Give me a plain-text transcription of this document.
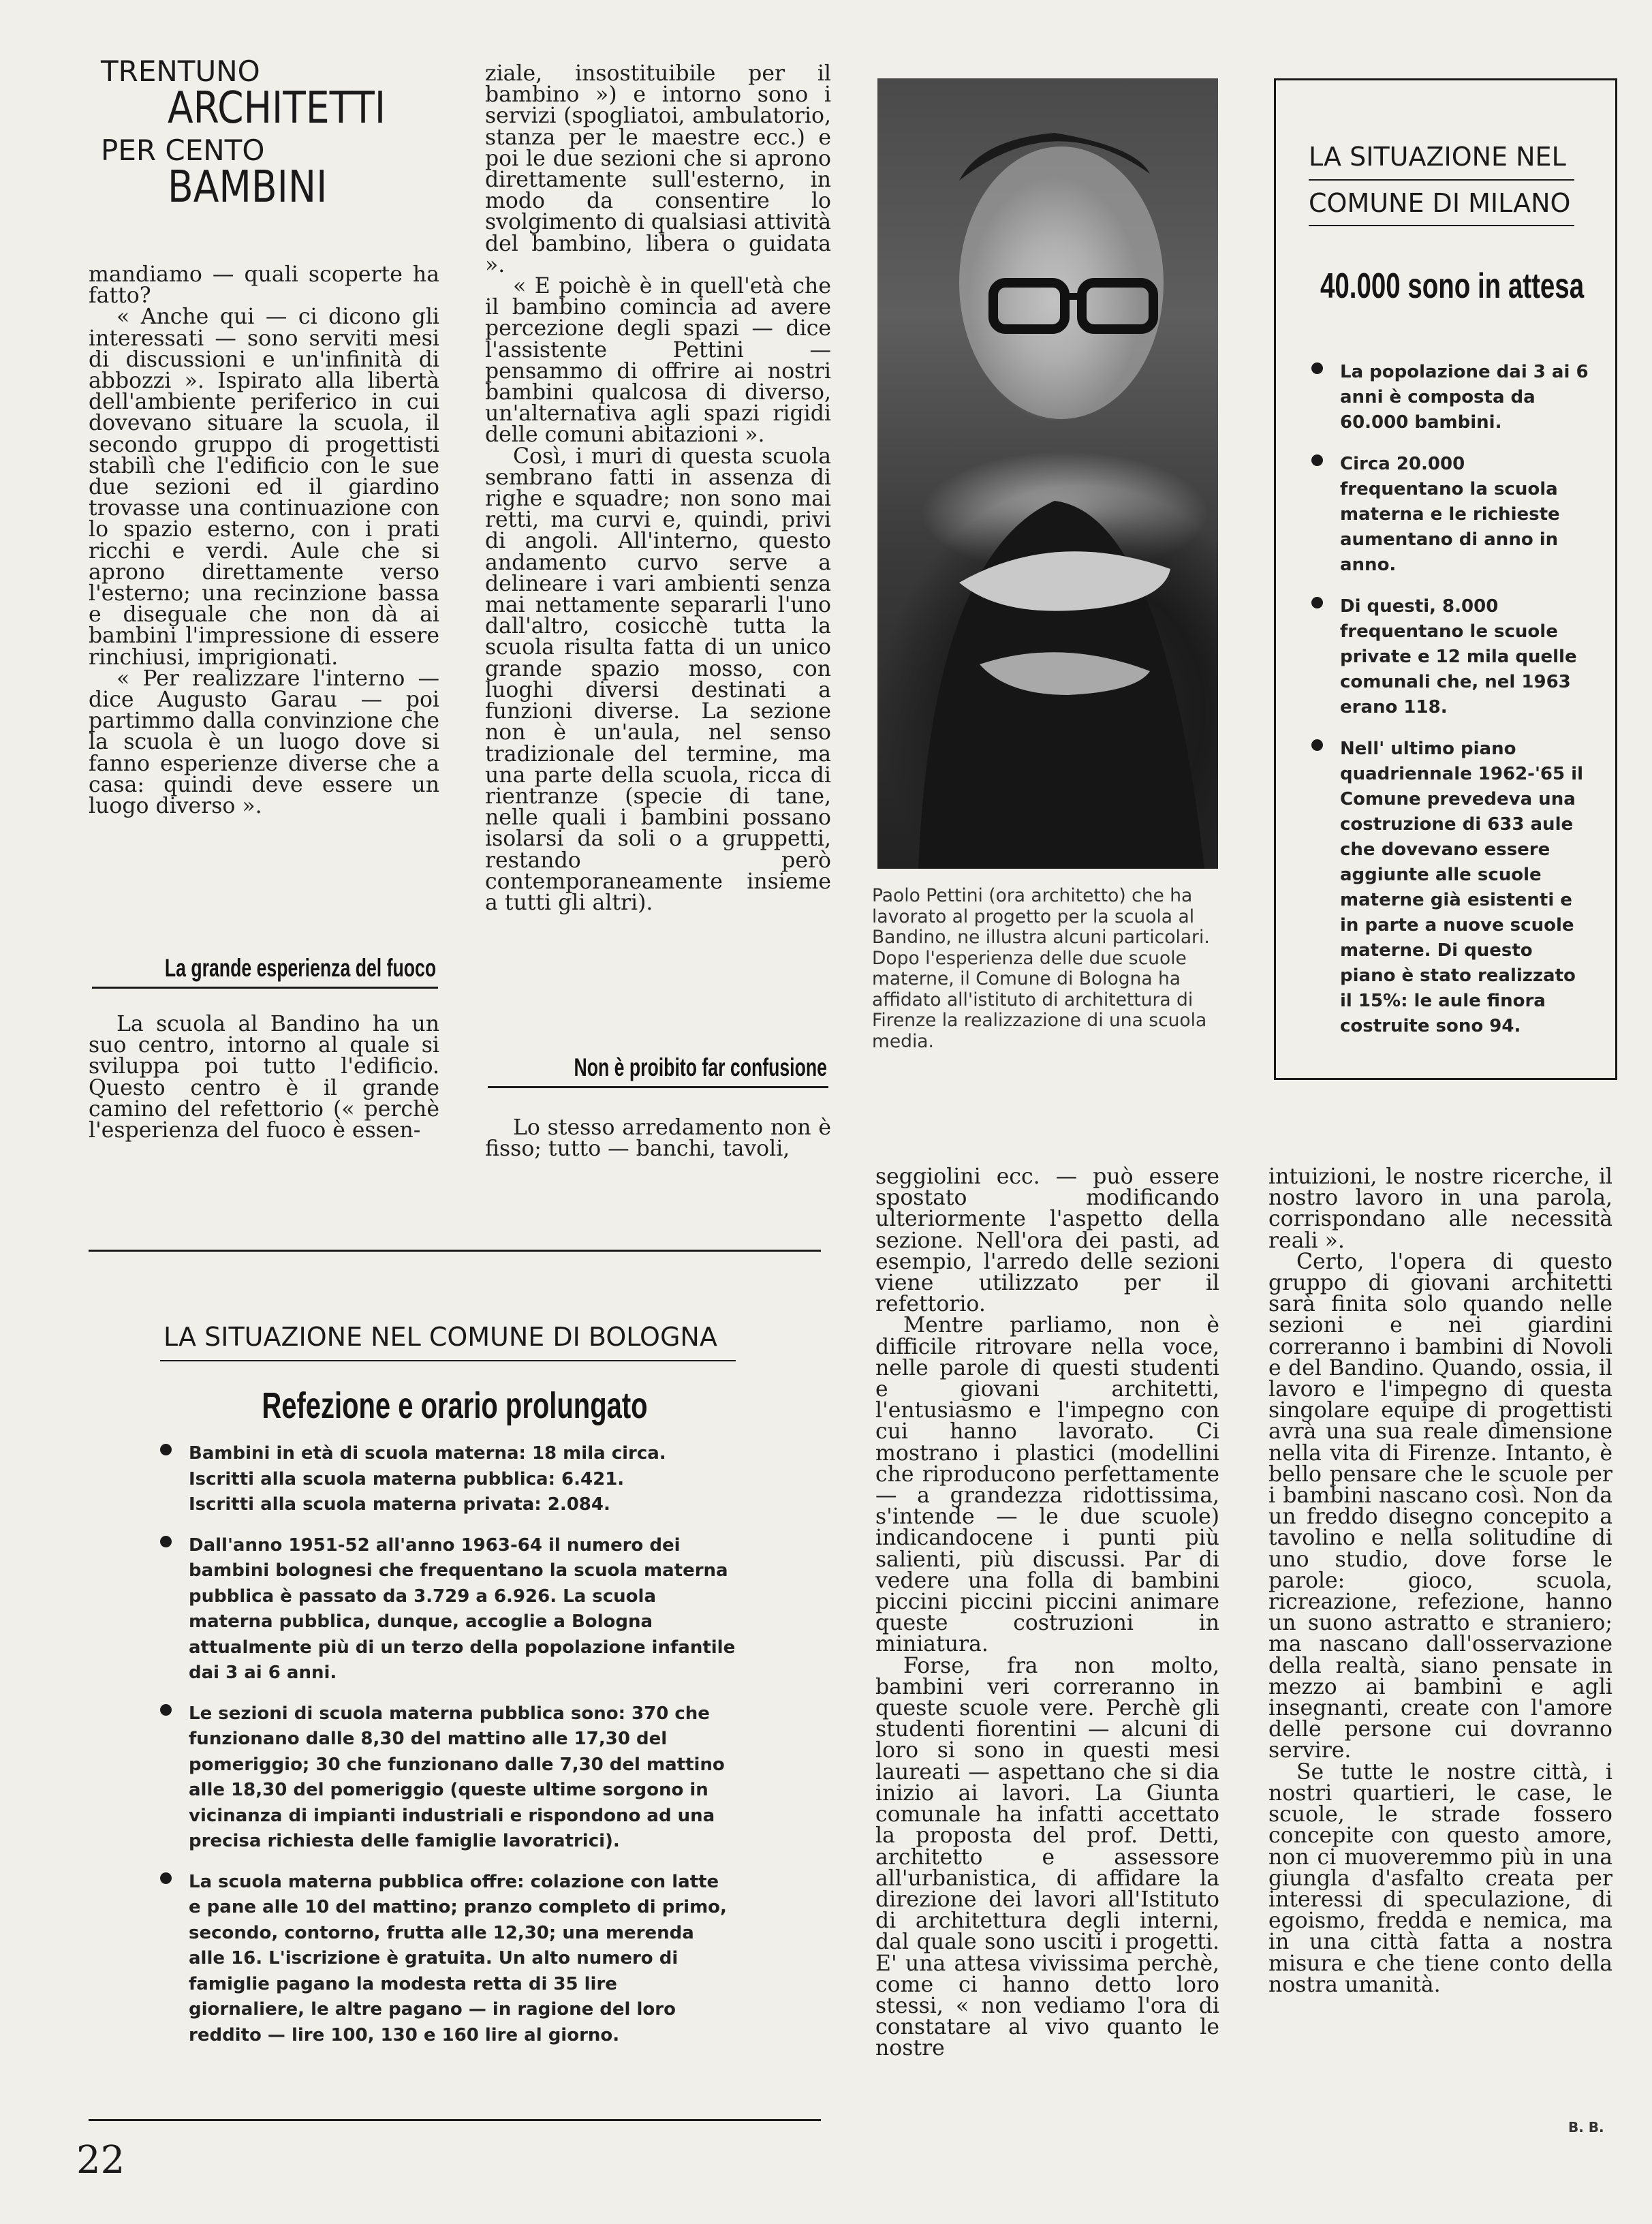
TRENTUNO
ARCHITETTI
PER CENTO
BAMBINI

mandiamo — quali scoperte ha fatto?

« Anche qui — ci dicono gli interessati — sono serviti mesi di discussioni e un'infinità di abbozzi ». Ispirato alla libertà dell'ambiente periferico in cui dovevano situare la scuola, il secondo gruppo di progettisti stabilì che l'edificio con le sue due sezioni ed il giardino trovasse una continuazione con lo spazio esterno, con i prati ricchi e verdi. Aule che si aprono direttamente verso l'esterno; una recinzione bassa e diseguale che non dà ai bambini l'impressione di essere rinchiusi, imprigionati.

« Per realizzare l'interno — dice Augusto Garau — poi partimmo dalla convinzione che la scuola è un luogo dove si fanno esperienze diverse che a casa: quindi deve essere un luogo diverso ».

La grande esperienza del fuoco

La scuola al Bandino ha un suo centro, intorno al quale si sviluppa poi tutto l'edificio. Questo centro è il grande camino del refettorio (« perchè l'esperienza del fuoco è essen-

ziale, insostituibile per il bambino ») e intorno sono i servizi (spogliatoi, ambulatorio, stanza per le maestre ecc.) e poi le due sezioni che si aprono direttamente sull'esterno, in modo da consentire lo svolgimento di qualsiasi attività del bambino, libera o guidata ».

« E poichè è in quell'età che il bambino comincia ad avere percezione degli spazi — dice l'assistente Pettini — pensammo di offrire ai nostri bambini qualcosa di diverso, un'alternativa agli spazi rigidi delle comuni abitazioni ».

Così, i muri di questa scuola sembrano fatti in assenza di righe e squadre; non sono mai retti, ma curvi e, quindi, privi di angoli. All'interno, questo andamento curvo serve a delineare i vari ambienti senza mai nettamente separarli l'uno dall'altro, cosicchè tutta la scuola risulta fatta di un unico grande spazio mosso, con luoghi diversi destinati a funzioni diverse. La sezione non è un'aula, nel senso tradizionale del termine, ma una parte della scuola, ricca di rientranze (specie di tane, nelle quali i bambini possano isolarsi da soli o a gruppetti, restando però contemporaneamente insieme a tutti gli altri).

Non è proibito far confusione

Lo stesso arredamento non è fisso; tutto — banchi, tavoli,

Paolo Pettini (ora architetto) che ha lavorato al progetto per la scuola al Bandino, ne illustra alcuni particolari. Dopo l'esperienza delle due scuole materne, il Comune di Bologna ha affidato all'istituto di architettura di Firenze la realizzazione di una scuola media.
LA SITUAZIONE NEL
COMUNE DI MILANO
40.000 sono in attesa
La popolazione dai 3 ai 6 anni è composta da 60.000 bambini.
Circa 20.000 frequentano la scuola materna e le richieste aumentano di anno in anno.
Di questi, 8.000 frequentano le scuole private e 12 mila quelle comunali che, nel 1963 erano 118.
Nell' ultimo piano quadriennale 1962-'65 il Comune prevedeva una costruzione di 633 aule che dovevano essere aggiunte alle scuole materne già esistenti e in parte a nuove scuole materne. Di questo piano è stato realizzato il 15%: le aule finora costruite sono 94.
LA SITUAZIONE NEL COMUNE DI BOLOGNA
Refezione e orario prolungato
Bambini in età di scuola materna: 18 mila circa.
Iscritti alla scuola materna pubblica: 6.421.
Iscritti alla scuola materna privata: 2.084.
Dall'anno 1951-52 all'anno 1963-64 il numero dei bambini bolognesi che frequentano la scuola materna pubblica è passato da 3.729 a 6.926. La scuola materna pubblica, dunque, accoglie a Bologna attualmente più di un terzo della popolazione infantile dai 3 ai 6 anni.
Le sezioni di scuola materna pubblica sono: 370 che funzionano dalle 8,30 del mattino alle 17,30 del pomeriggio; 30 che funzionano dalle 7,30 del mattino alle 18,30 del pomeriggio (queste ultime sorgono in vicinanza di impianti industriali e rispondono ad una precisa richiesta delle famiglie lavoratrici).
La scuola materna pubblica offre: colazione con latte e pane alle 10 del mattino; pranzo completo di primo, secondo, contorno, frutta alle 12,30; una merenda alle 16. L'iscrizione è gratuita. Un alto numero di famiglie pagano la modesta retta di 35 lire giornaliere, le altre pagano — in ragione del loro reddito — lire 100, 130 e 160 lire al giorno.

seggiolini ecc. — può essere spostato modificando ulteriormente l'aspetto della sezione. Nell'ora dei pasti, ad esempio, l'arredo delle sezioni viene utilizzato per il refettorio.

Mentre parliamo, non è difficile ritrovare nella voce, nelle parole di questi studenti e giovani architetti, l'entusiasmo e l'impegno con cui hanno lavorato. Ci mostrano i plastici (modellini che riproducono perfettamente — a grandezza ridottissima, s'intende — le due scuole) indicandocene i punti più salienti, più discussi. Par di vedere una folla di bambini piccini piccini piccini animare queste costruzioni in miniatura.

Forse, fra non molto, bambini veri correranno in queste scuole vere. Perchè gli studenti fiorentini — alcuni di loro si sono in questi mesi laureati — aspettano che si dia inizio ai lavori. La Giunta comunale ha infatti accettato la proposta del prof. Detti, architetto e assessore all'urbanistica, di affidare la direzione dei lavori all'Istituto di architettura degli interni, dal quale sono usciti i progetti. E' una attesa vivissima perchè, come ci hanno detto loro stessi, « non vediamo l'ora di constatare al vivo quanto le nostre

intuizioni, le nostre ricerche, il nostro lavoro in una parola, corrispondano alle necessità reali ».

Certo, l'opera di questo gruppo di giovani architetti sarà finita solo quando nelle sezioni e nei giardini correranno i bambini di Novoli e del Bandino. Quando, ossia, il lavoro e l'impegno di questa singolare equipe di progettisti avrà una sua reale dimensione nella vita di Firenze. Intanto, è bello pensare che le scuole per i bambini nascano così. Non da un freddo disegno concepito a tavolino e nella solitudine di uno studio, dove forse le parole: gioco, scuola, ricreazione, refezione, hanno un suono astratto e straniero; ma nascano dall'osservazione della realtà, siano pensate in mezzo ai bambini e agli insegnanti, create con l'amore delle persone cui dovranno servire.

Se tutte le nostre città, i nostri quartieri, le case, le scuole, le strade fossero concepite con questo amore, non ci muoveremmo più in una giungla d'asfalto creata per interessi di speculazione, di egoismo, fredda e nemica, ma in una città fatta a nostra misura e che tiene conto della nostra umanità.

B. B.
22
